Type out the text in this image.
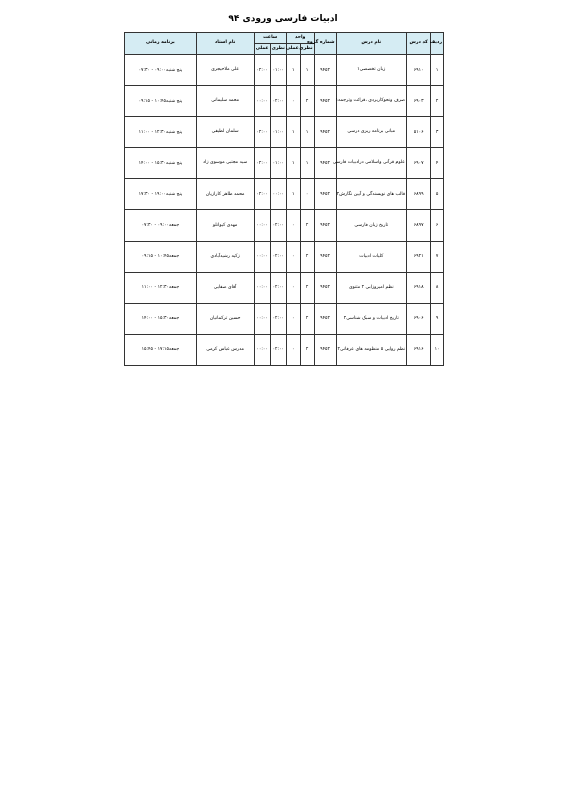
ادبیات فارسی ورودی ۹۴
ردیف	کد درس	نام درس	شماره گروه	واحد		ساعت		نام استاد	برنامه زمانی
				نظری	عملی	نظری	عملی		
۱	۶۹۱۰	زبان تخصصی۱	۹۴۵۲	۱	۱	۰۱:۰۰	۰۲:۰۰	علی ملاحیجری	پنج شنبه۰۹:۰۰ - ۰۷:۳۰
۲	۶۹۰۳	صرف ونحوکاربردی ،قرائت وترجمه۱	۹۴۵۲	۲	۰	۰۲:۰۰	۰۰:۰۰	محمد سلیمانی	پنج شنبه۱۰:۴۵ - ۰۹:۱۵
۳	۵۱۰۶	مبانی برنامه ریزی درسی	۹۴۵۲	۱	۱	۰۱:۰۰	۰۲:۰۰	سلمان لطیفی	پنج شنبه۱۲:۳۰ - ۱۱:۰۰
۴	۶۹۰۷	علوم قرآنی واسلامی درادبیات فارسی	۹۴۵۲	۱	۱	۰۱:۰۰	۰۲:۰۰	سید مجتبی موسوی زاد	پنج شنبه۱۵:۳۰ - ۱۴:۰۰
۵	۶۸۹۹	قالب های نویسندگی و آیین نگارش۲	۹۴۵۲	۰	۱	۰۰:۰۰	۰۲:۰۰	محمد طاهر کارازیان	پنج شنبه۱۹:۰۰ - ۱۷:۳۰
۶	۶۸۹۷	تاریخ زبان فارسی	۹۴۵۲	۲	۰	۰۲:۰۰	۰۰:۰۰	مهدی کیوانلو	جمعه۰۹:۰۰ - ۰۷:۳۰
۷	۶۹۲۱	کلیات ادبیات	۹۴۵۲	۲	۰	۰۲:۰۰	۰۰:۰۰	زکیه رشیدآبادی	جمعه۱۰:۴۵ - ۰۹:۱۵
۸	۶۹۱۸	نظم امیروزابی ۲ مثنوی	۹۴۵۲	۲	۰	۰۲:۰۰	۰۰:۰۰	آقای صفایی	جمعه۱۲:۳۰ - ۱۱:۰۰
۹	۶۹۰۶	تاریخ ادبیات و سبک شناسی۲	۹۴۵۲	۲	۰	۰۲:۰۰	۰۰:۰۰	حسین ترکمانیان	جمعه۱۵:۳۰ - ۱۴:۰۰
۱۰	۶۹۱۶	نظم روایی ۵ منظومه های عرفانی۲	۹۴۵۲	۲	۰	۰۲:۰۰	۰۰:۰۰	مدرس عباس کرمی	جمعه۱۷:۱۵ - ۱۵:۴۵
